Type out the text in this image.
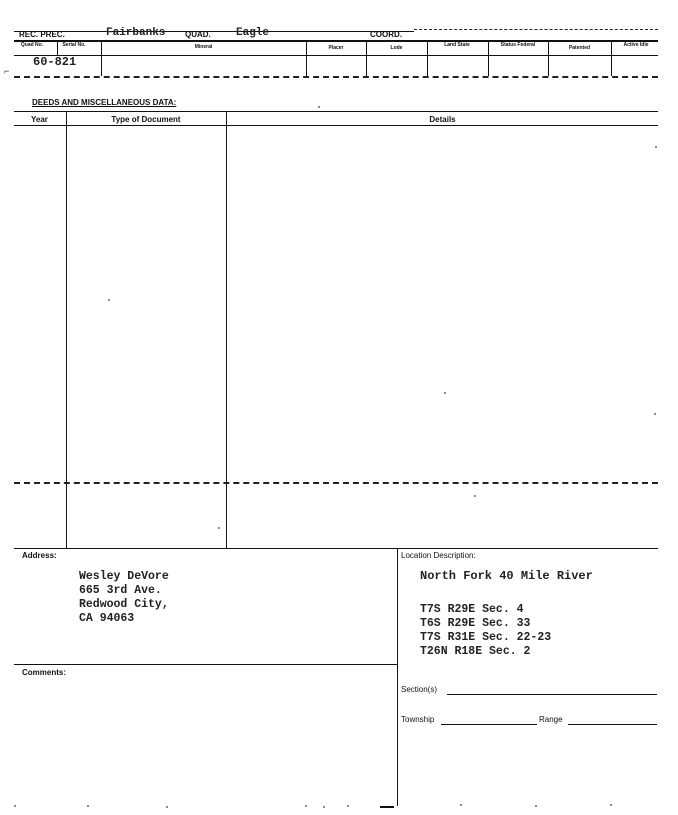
REC. PREC.	Fairbanks QUAD. Eagle	COORD.
Quad No.	Serial No.	Mineral	Placer	Lode	Land State	Status Federal	Patented	Active Idle
60-821
⌐
DEEDS AND MISCELLANEOUS DATA:
Year	Type of Document	Details
Address:
Wesley DeVore
665 3rd Ave.
Redwood City,
CA 94063
Location Description:
North Fork 40 Mile River
T7S R29E Sec. 4
T6S R29E Sec. 33
T7S R31E Sec. 22-23
T26N R18E Sec. 2
Comments:
Section(s)
Township	Range
